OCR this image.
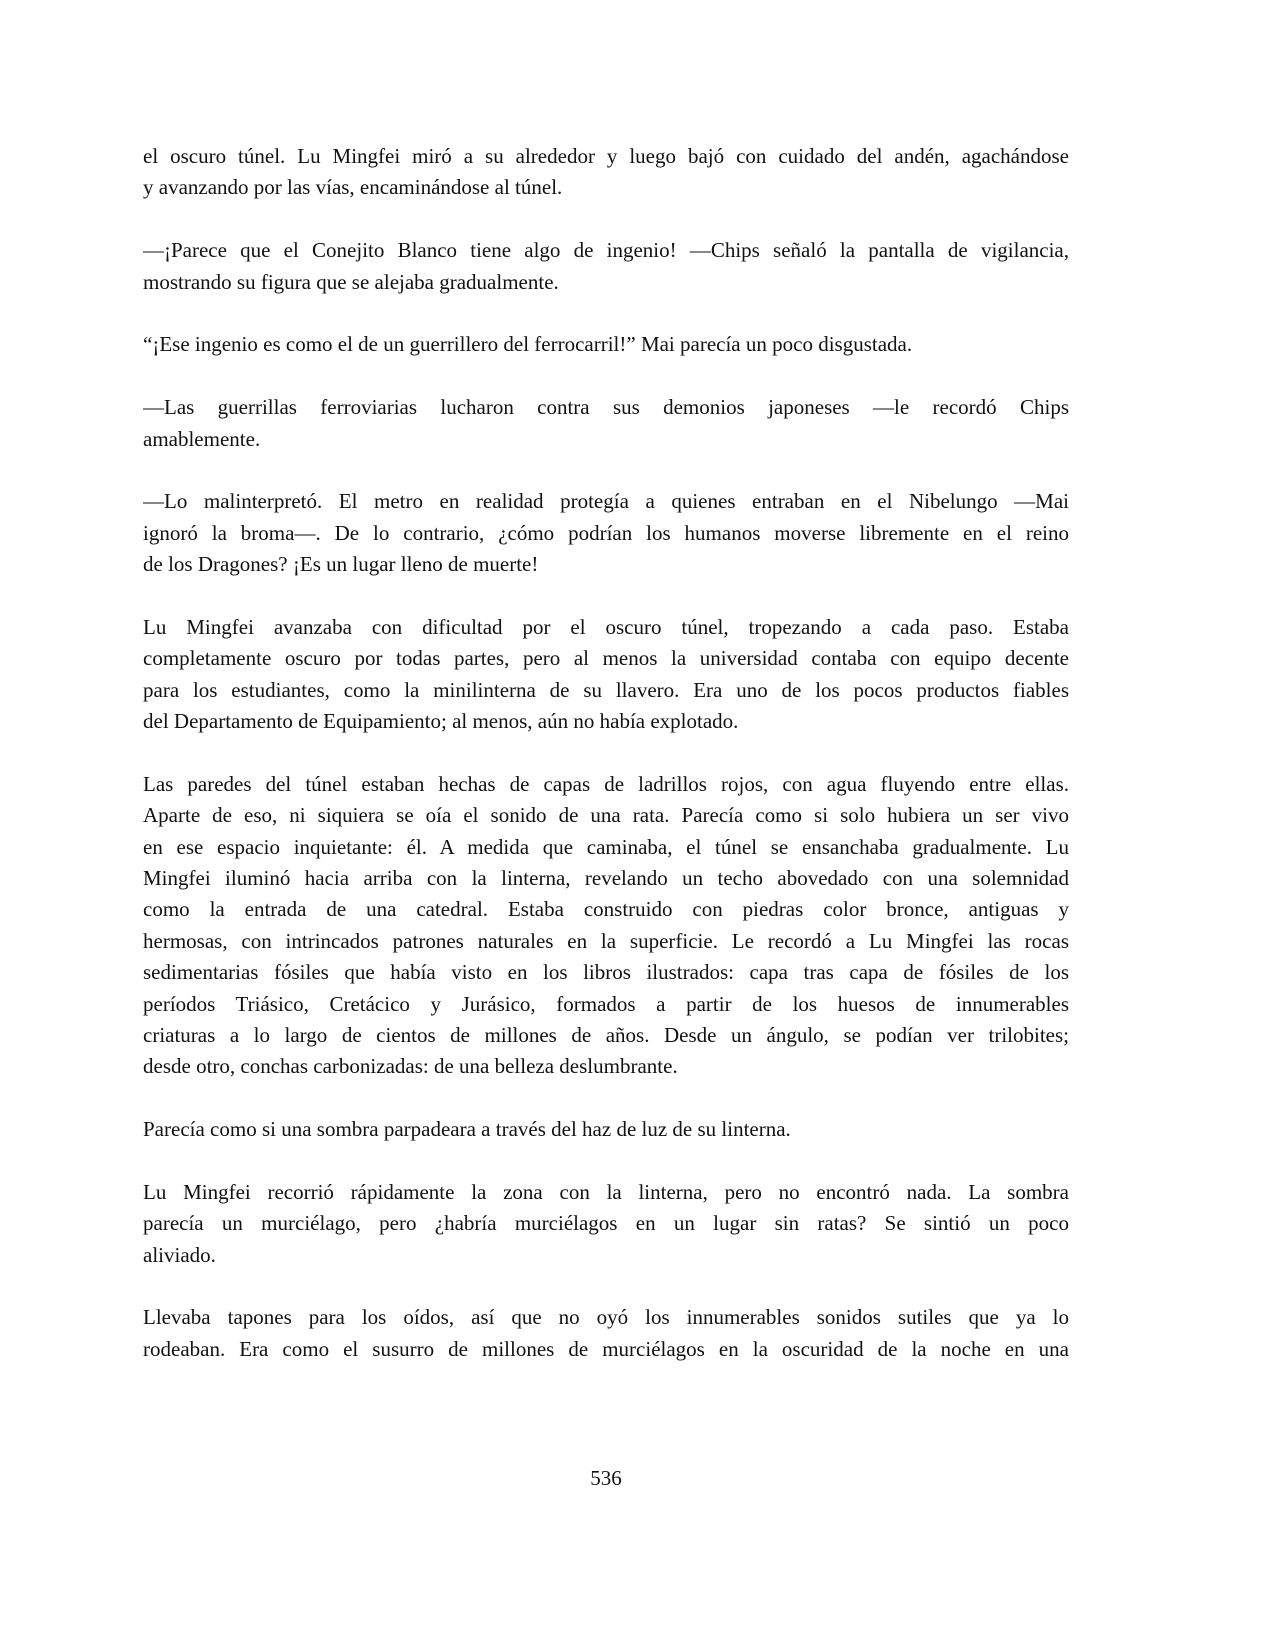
el oscuro túnel. Lu Mingfei miró a su alrededor y luego bajó con cuidado del andén, agachándose
y avanzando por las vías, encaminándose al túnel.
—¡Parece que el Conejito Blanco tiene algo de ingenio! —Chips señaló la pantalla de vigilancia,
mostrando su figura que se alejaba gradualmente.
“¡Ese ingenio es como el de un guerrillero del ferrocarril!” Mai parecía un poco disgustada.
—Las guerrillas ferroviarias lucharon contra sus demonios japoneses —le recordó Chips
amablemente.
—Lo malinterpretó. El metro en realidad protegía a quienes entraban en el Nibelungo —Mai
ignoró la broma—. De lo contrario, ¿cómo podrían los humanos moverse libremente en el reino
de los Dragones? ¡Es un lugar lleno de muerte!
Lu Mingfei avanzaba con dificultad por el oscuro túnel, tropezando a cada paso. Estaba
completamente oscuro por todas partes, pero al menos la universidad contaba con equipo decente
para los estudiantes, como la minilinterna de su llavero. Era uno de los pocos productos fiables
del Departamento de Equipamiento; al menos, aún no había explotado.
Las paredes del túnel estaban hechas de capas de ladrillos rojos, con agua fluyendo entre ellas.
Aparte de eso, ni siquiera se oía el sonido de una rata. Parecía como si solo hubiera un ser vivo
en ese espacio inquietante: él. A medida que caminaba, el túnel se ensanchaba gradualmente. Lu
Mingfei iluminó hacia arriba con la linterna, revelando un techo abovedado con una solemnidad
como la entrada de una catedral. Estaba construido con piedras color bronce, antiguas y
hermosas, con intrincados patrones naturales en la superficie. Le recordó a Lu Mingfei las rocas
sedimentarias fósiles que había visto en los libros ilustrados: capa tras capa de fósiles de los
períodos Triásico, Cretácico y Jurásico, formados a partir de los huesos de innumerables
criaturas a lo largo de cientos de millones de años. Desde un ángulo, se podían ver trilobites;
desde otro, conchas carbonizadas: de una belleza deslumbrante.
Parecía como si una sombra parpadeara a través del haz de luz de su linterna.
Lu Mingfei recorrió rápidamente la zona con la linterna, pero no encontró nada. La sombra
parecía un murciélago, pero ¿habría murciélagos en un lugar sin ratas? Se sintió un poco
aliviado.
Llevaba tapones para los oídos, así que no oyó los innumerables sonidos sutiles que ya lo
rodeaban. Era como el susurro de millones de murciélagos en la oscuridad de la noche en una
536
